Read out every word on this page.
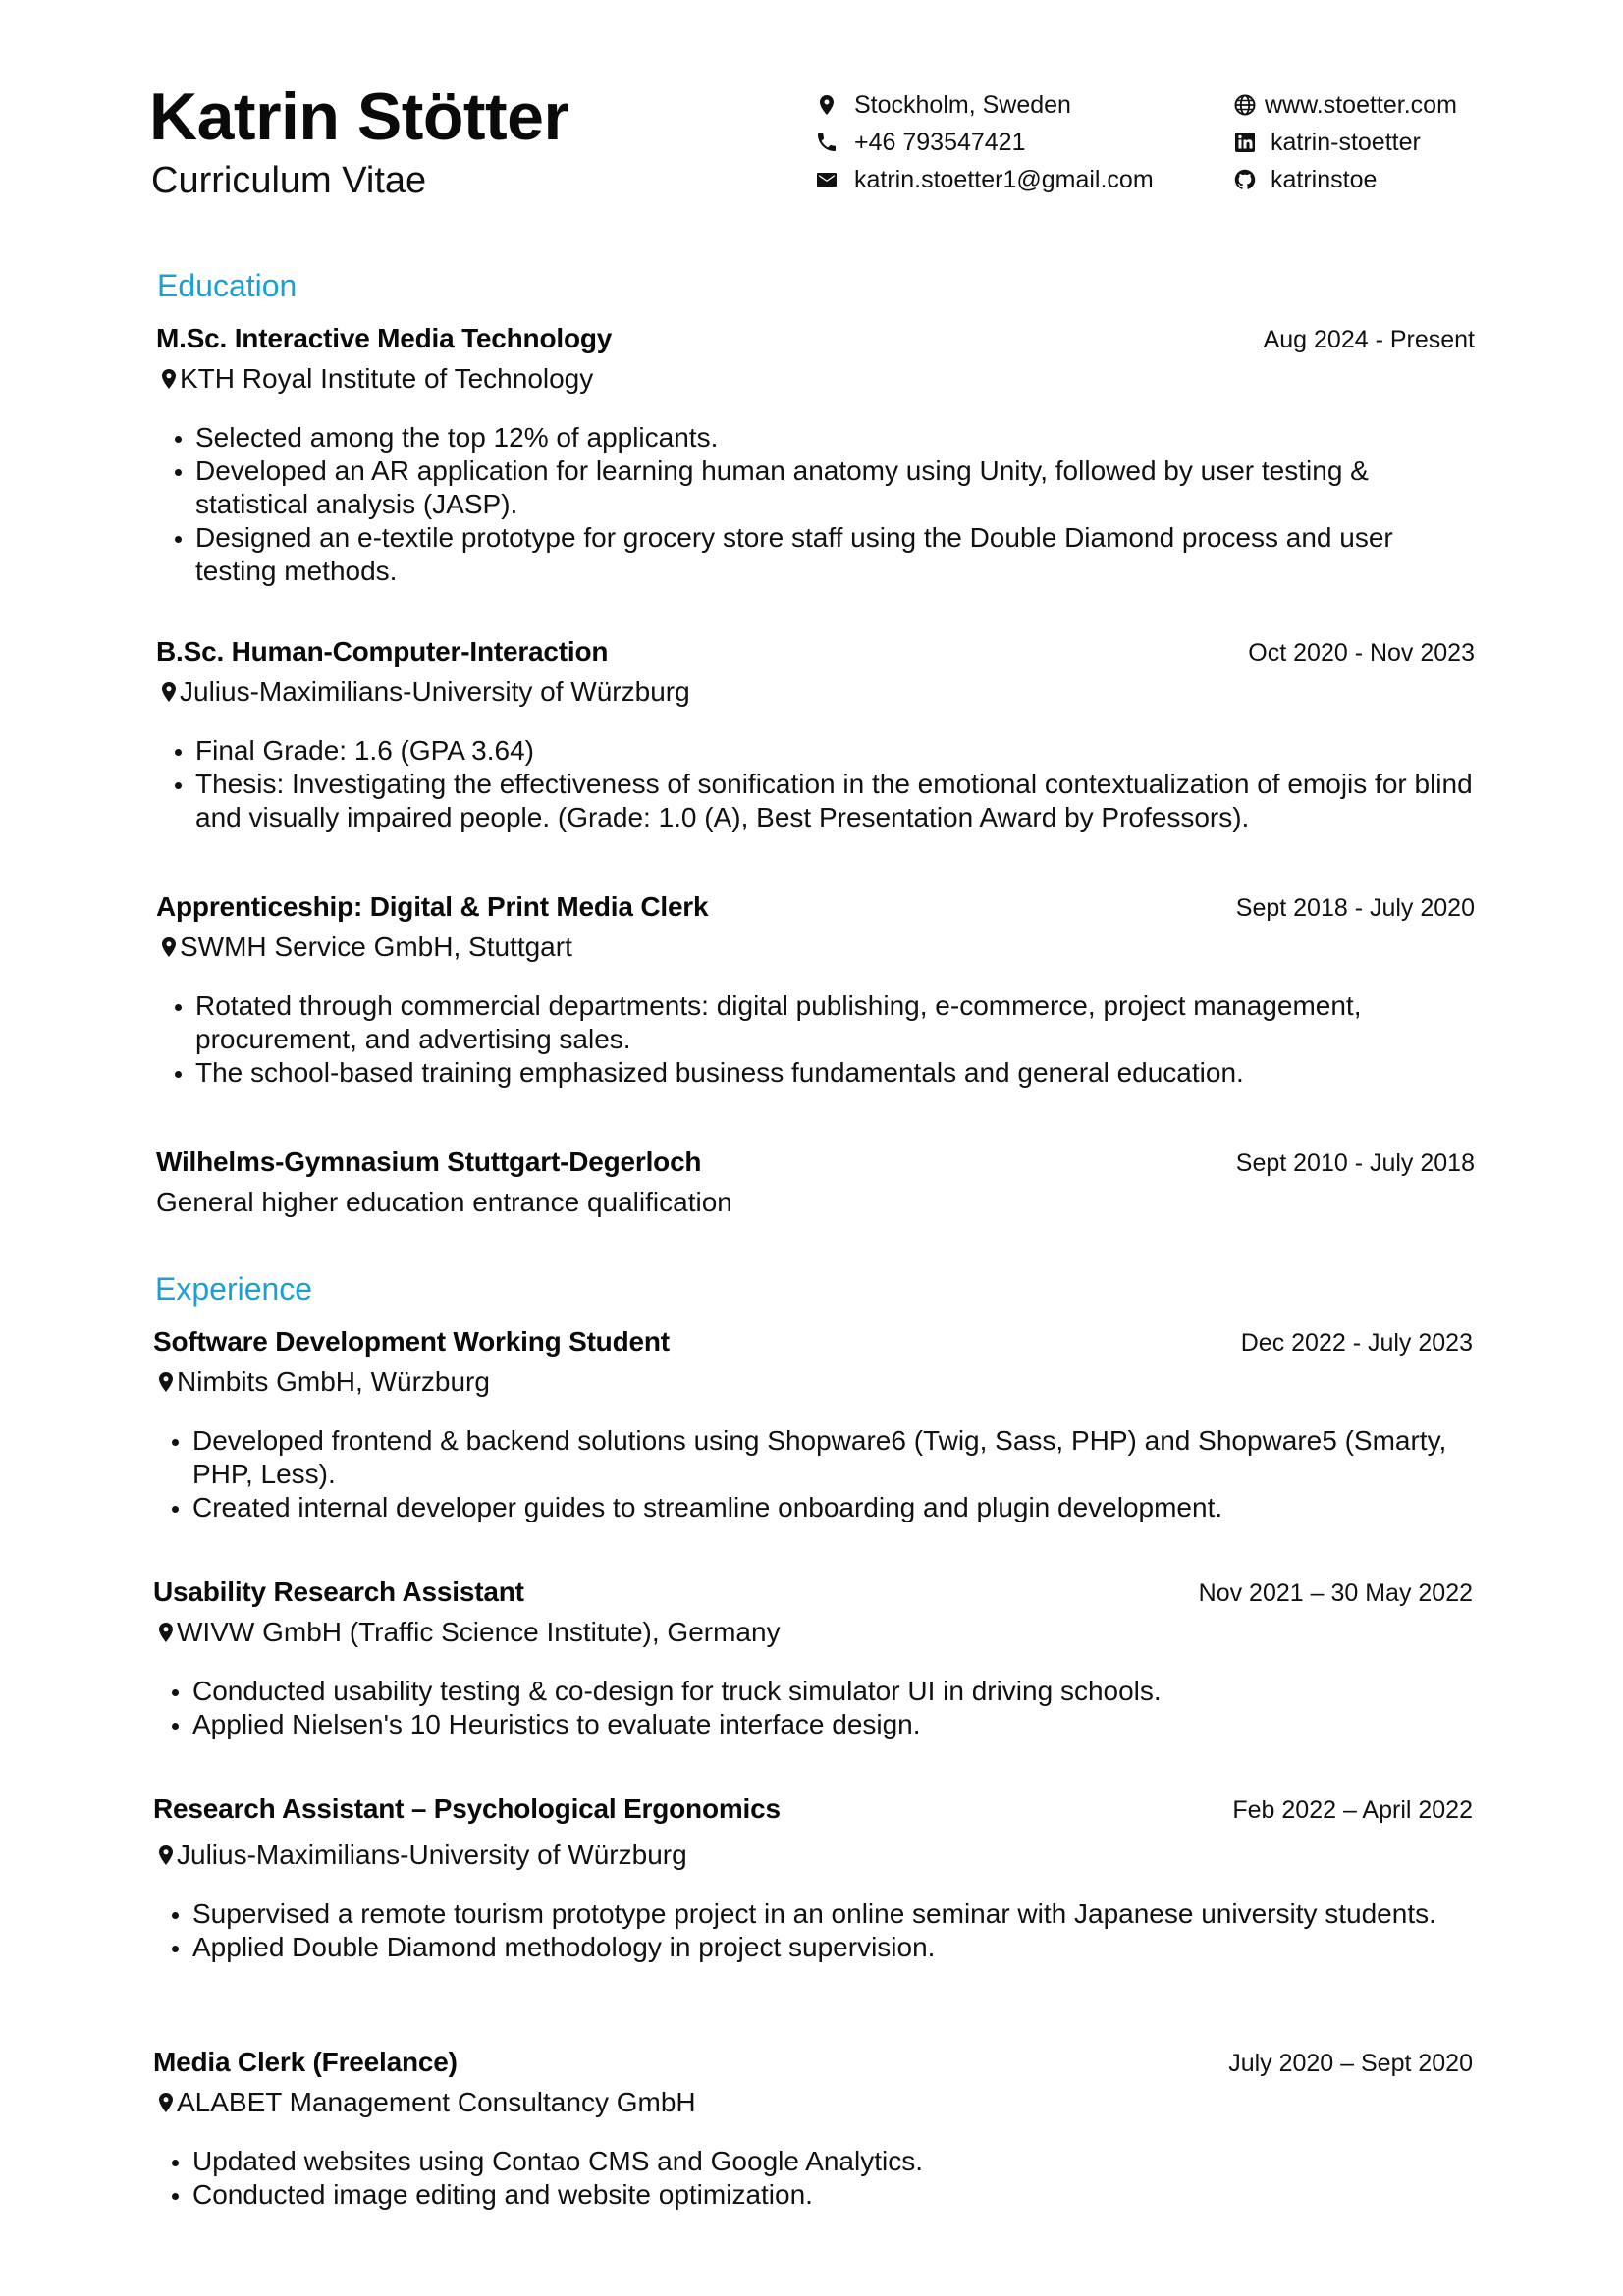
Katrin Stötter
Curriculum Vitae
Stockholm, Sweden
+46 793547421
katrin.stoetter1@gmail.com
www.stoetter.com
katrin-stoetter
katrinstoe
Education
M.Sc. Interactive Media Technology	Aug 2024 - Present
KTH Royal Institute of Technology
• Selected among the top 12% of applicants.
• Developed an AR application for learning human anatomy using Unity, followed by user testing & statistical analysis (JASP).
• Designed an e-textile prototype for grocery store staff using the Double Diamond process and user testing methods.
B.Sc. Human-Computer-Interaction	Oct 2020 - Nov 2023
Julius-Maximilians-University of Würzburg
• Final Grade: 1.6 (GPA 3.64)
• Thesis: Investigating the effectiveness of sonification in the emotional contextualization of emojis for blind and visually impaired people. (Grade: 1.0 (A), Best Presentation Award by Professors).
Apprenticeship: Digital & Print Media Clerk	Sept 2018 - July 2020
SWMH Service GmbH, Stuttgart
• Rotated through commercial departments: digital publishing, e-commerce, project management, procurement, and advertising sales.
• The school-based training emphasized business fundamentals and general education.
Wilhelms-Gymnasium Stuttgart-Degerloch	Sept 2010 - July 2018
General higher education entrance qualification
Experience
Software Development Working Student	Dec 2022 - July 2023
Nimbits GmbH, Würzburg
• Developed frontend & backend solutions using Shopware6 (Twig, Sass, PHP) and Shopware5 (Smarty, PHP, Less).
• Created internal developer guides to streamline onboarding and plugin development.
Usability Research Assistant	Nov 2021 – 30 May 2022
WIVW GmbH (Traffic Science Institute), Germany
• Conducted usability testing & co-design for truck simulator UI in driving schools.
• Applied Nielsen's 10 Heuristics to evaluate interface design.
Research Assistant – Psychological Ergonomics	Feb 2022 – April 2022
Julius-Maximilians-University of Würzburg
• Supervised a remote tourism prototype project in an online seminar with Japanese university students.
• Applied Double Diamond methodology in project supervision.
Media Clerk (Freelance)	July 2020 – Sept 2020
ALABET Management Consultancy GmbH
• Updated websites using Contao CMS and Google Analytics.
• Conducted image editing and website optimization.
